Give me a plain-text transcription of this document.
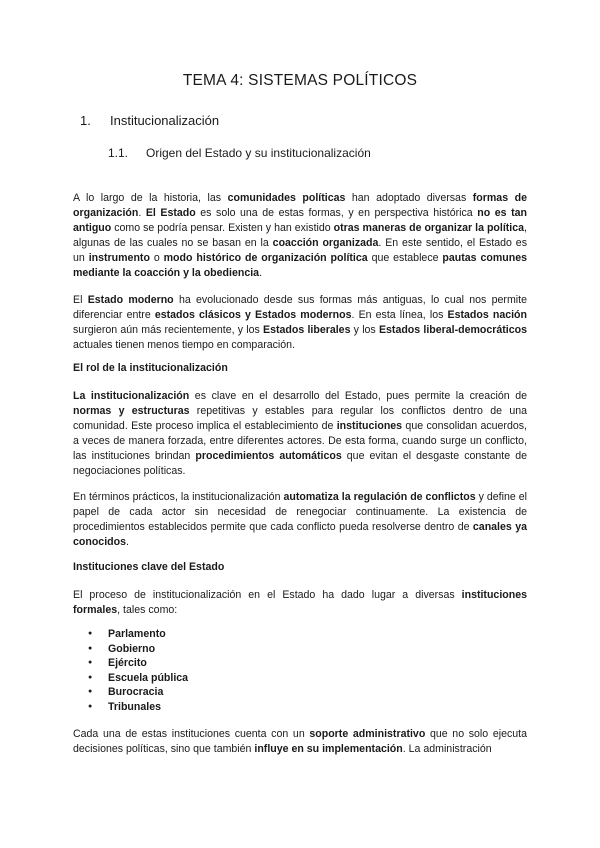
TEMA 4: SISTEMAS POLÍTICOS
1. Institucionalización
1.1. Origen del Estado y su institucionalización

A lo largo de la historia, las comunidades políticas han adoptado diversas formas de organización. El Estado es solo una de estas formas, y en perspectiva histórica no es tan antiguo como se podría pensar. Existen y han existido otras maneras de organizar la política, algunas de las cuales no se basan en la coacción organizada. En este sentido, el Estado es un instrumento o modo histórico de organización política que establece pautas comunes mediante la coacción y la obediencia.

El Estado moderno ha evolucionado desde sus formas más antiguas, lo cual nos permite diferenciar entre estados clásicos y Estados modernos. En esta línea, los Estados nación surgieron aún más recientemente, y los Estados liberales y los Estados liberal-democráticos actuales tienen menos tiempo en comparación.

El rol de la institucionalización

La institucionalización es clave en el desarrollo del Estado, pues permite la creación de normas y estructuras repetitivas y estables para regular los conflictos dentro de una comunidad. Este proceso implica el establecimiento de instituciones que consolidan acuerdos, a veces de manera forzada, entre diferentes actores. De esta forma, cuando surge un conflicto, las instituciones brindan procedimientos automáticos que evitan el desgaste constante de negociaciones políticas.

En términos prácticos, la institucionalización automatiza la regulación de conflictos y define el papel de cada actor sin necesidad de renegociar continuamente. La existencia de procedimientos establecidos permite que cada conflicto pueda resolverse dentro de canales ya conocidos.

Instituciones clave del Estado

El proceso de institucionalización en el Estado ha dado lugar a diversas instituciones formales, tales como:

● Parlamento
● Gobierno
● Ejército
● Escuela pública
● Burocracia
● Tribunales

Cada una de estas instituciones cuenta con un soporte administrativo que no solo ejecuta decisiones políticas, sino que también influye en su implementación. La administración
